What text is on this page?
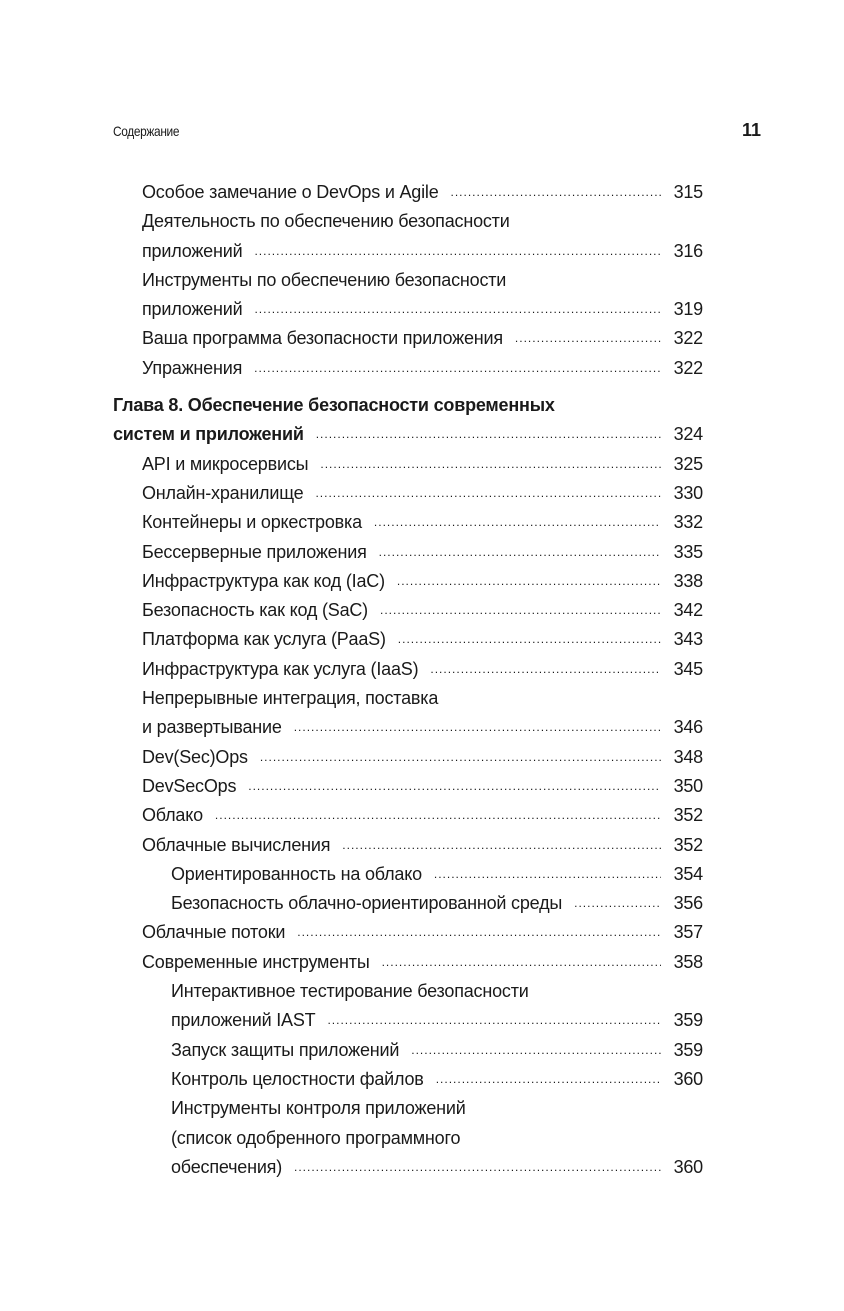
Содержание	11
Особое замечание о DevOps и Agile .....	315
Деятельность по обеспечению безопасности
приложений .....	316
Инструменты по обеспечению безопасности
приложений .....	319
Ваша программа безопасности приложения .....	322
Упражнения .....	322
Глава 8. Обеспечение безопасности современных
систем и приложений .....	324
API и микросервисы .....	325
Онлайн-хранилище .....	330
Контейнеры и оркестровка .....	332
Бессерверные приложения .....	335
Инфраструктура как код (IaC) .....	338
Безопасность как код (SaC) .....	342
Платформа как услуга (PaaS) .....	343
Инфраструктура как услуга (IaaS) .....	345
Непрерывные интеграция, поставка
и развертывание .....	346
Dev(Sec)Ops .....	348
DevSecOps .....	350
Облако .....	352
Облачные вычисления .....	352
Ориентированность на облако .....	354
Безопасность облачно-ориентированной среды .....	356
Облачные потоки .....	357
Современные инструменты .....	358
Интерактивное тестирование безопасности
приложений IAST .....	359
Запуск защиты приложений .....	359
Контроль целостности файлов .....	360
Инструменты контроля приложений
(список одобренного программного
обеспечения) .....	360
